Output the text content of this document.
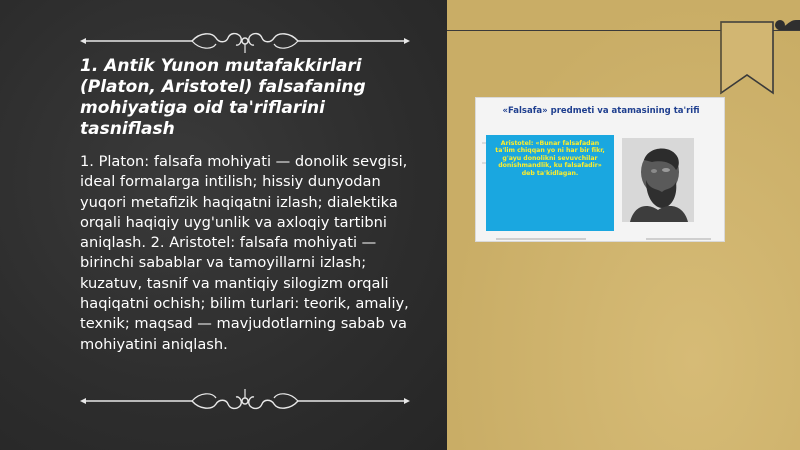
1. Antik Yunon mutafakkirlari (Platon, Aristotel) falsafaning mohiyatiga oid ta'riflarini tasniflash

1. Platon: falsafa mohiyati — donolik sevgisi, ideal formalarga intilish; hissiy dunyodan yuqori metafizik haqiqatni izlash; dialektika orqali haqiqiy uyg'unlik va axloqiy tartibni aniqlash. 2. Aristotel: falsafa mohiyati — birinchi sabablar va tamoyillarni izlash; kuzatuv, tasnif va mantiqiy silogizm orqali haqiqatni ochish; bilim turlari: teorik, amaliy, texnik; maqsad — mavjudotlarning sabab va mohiyatini aniqlash.

«Falsafa» predmeti va atamasining ta'rifi
Aristotel: «Bunar falsafadan ta'lim chiqqan yo ni har bir fikr, g'ayu donolikni sevuvchilar donishmandlik, ku falsafadir» deb ta'kidlagan.
